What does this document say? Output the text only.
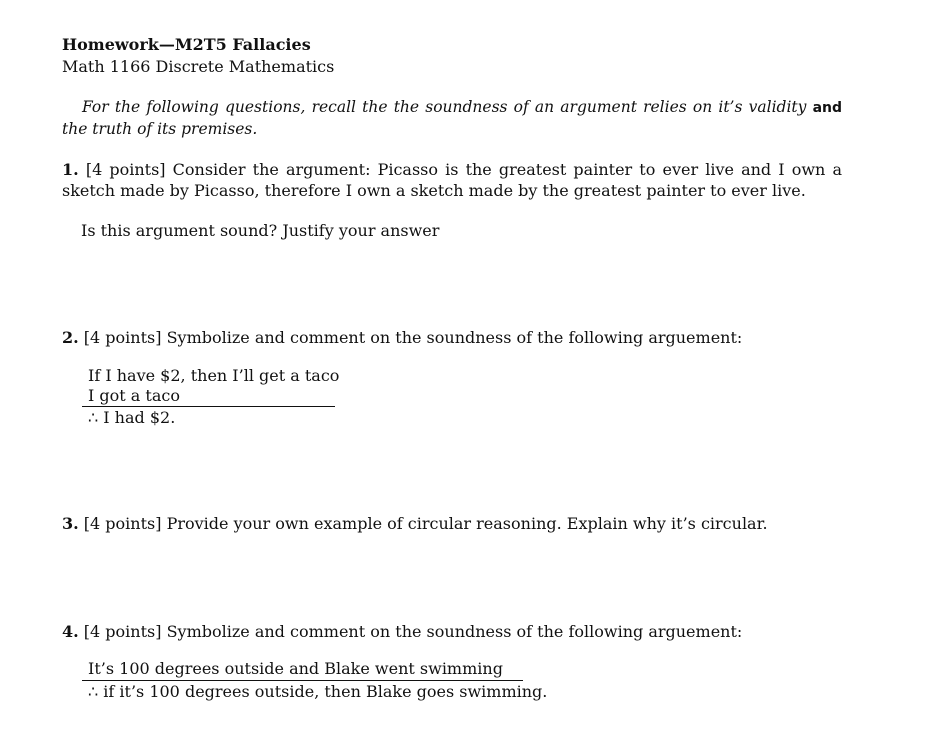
Homework—M2T5 Fallacies
Math 1166 Discrete Mathematics
For the following questions, recall the the soundness of an argument relies on it’s validity and the truth of its premises.
1. [4 points] Consider the argument: Picasso is the greatest painter to ever live and I own a sketch made by Picasso, therefore I own a sketch made by the greatest painter to ever live.
Is this argument sound? Justify your answer
2. [4 points] Symbolize and comment on the soundness of the following arguement:
If I have $2, then I’ll get a taco
I got a taco
∴ I had $2.
3. [4 points] Provide your own example of circular reasoning. Explain why it’s circular.
4. [4 points] Symbolize and comment on the soundness of the following arguement:
It’s 100 degrees outside and Blake went swimming
∴ if it’s 100 degrees outside, then Blake goes swimming.
